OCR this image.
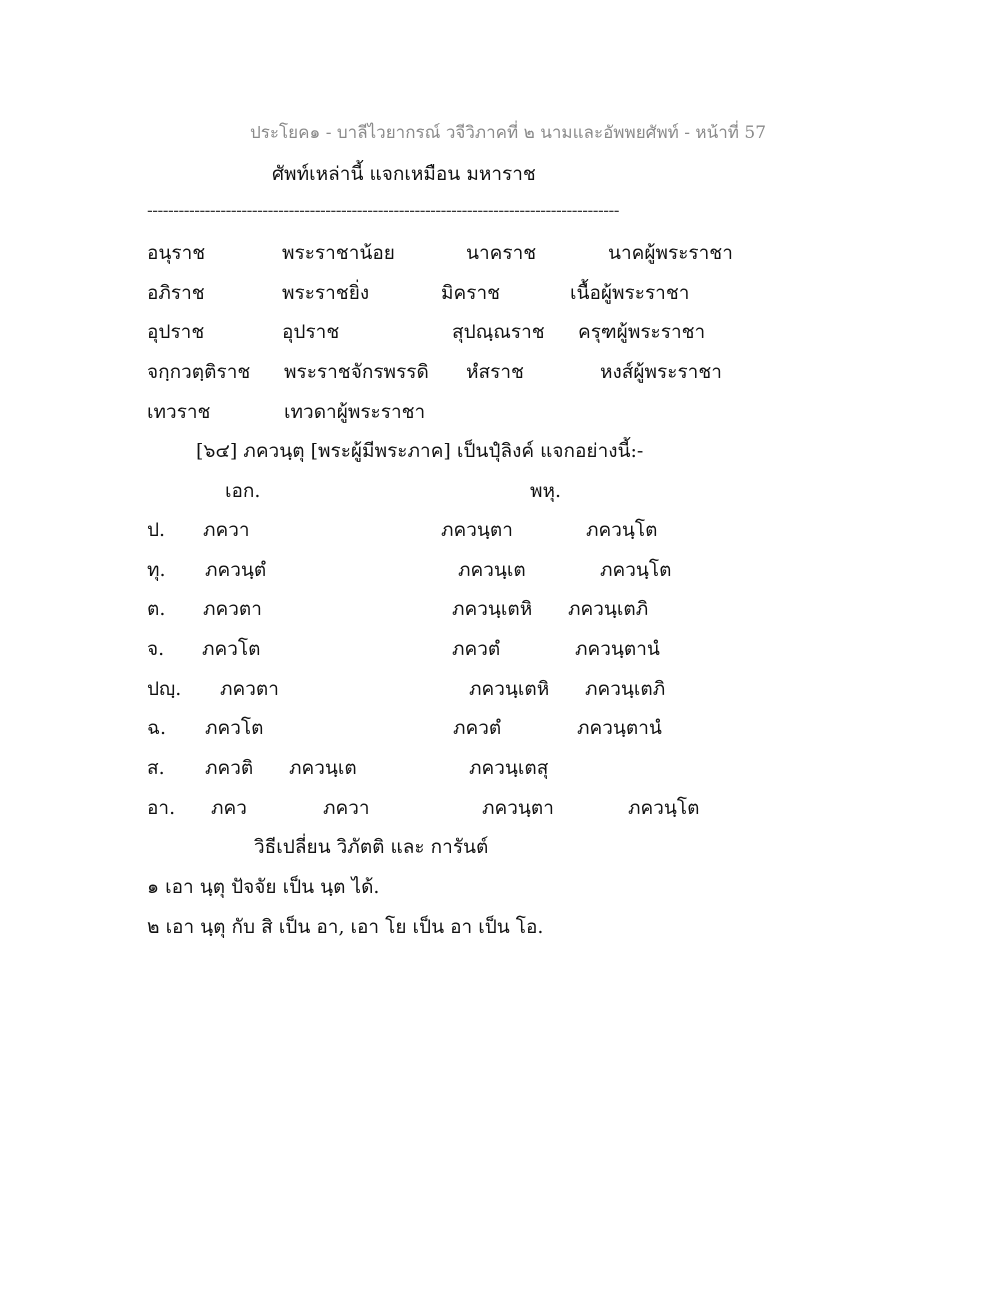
ประโยค๑ - บาลีไวยากรณ์ วจีวิภาคที่ ๒ นามและอัพพยศัพท์ - หน้าที่ 57
ศัพท์เหล่านี้ แจกเหมือน มหาราช
------------------------------------------------------------------------------------------
อนุราช	พระราชาน้อย	นาคราช	นาคผู้พระราชา
อภิราช	พระราชยิ่ง	มิคราช	เนื้อผู้พระราชา
อุปราช	อุปราช	สุปณฺณราช ครุฑผู้พระราชา
จกฺกวตฺติราช พระราชจักรพรรดิ หํสราช	หงส์ผู้พระราชา
เทวราช	เทวดาผู้พระราชา
[๖๔] ภควนฺตุ [พระผู้มีพระภาค] เป็นปุํลิงค์ แจกอย่างนี้:-
เอก.	พหุ.
ป. ภควา	ภควนฺตา	ภควนฺโต
ทุ. ภควนฺตํ	ภควนฺเต	ภควนฺโต
ต. ภควตา	ภควนฺเตหิ ภควนฺเตภิ
จ. ภควโต	ภควตํ	ภควนฺตานํ
ปญฺ. ภควตา	ภควนฺเตหิ ภควนฺเตภิ
ฉ. ภควโต	ภควตํ	ภควนฺตานํ
ส. ภควติ ภควนฺเต	ภควนฺเตสุ
อา. ภคว	ภควา	ภควนฺตา	ภควนฺโต
วิธีเปลี่ยน วิภัตติ และ การันต์
๑ เอา นฺตุ ปัจจัย เป็น นฺต ได้.
๒ เอา นฺตุ กับ สิ เป็น อา, เอา โย เป็น อา เป็น โอ.
